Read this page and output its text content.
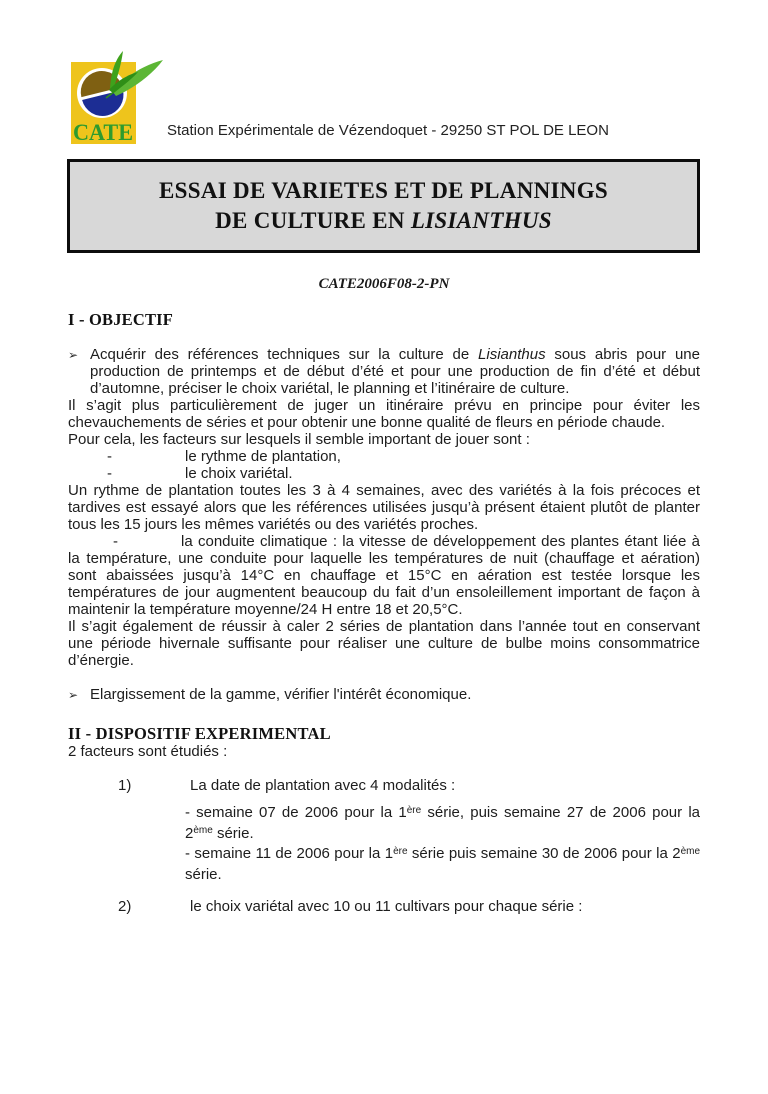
CATE Station Expérimentale de Vézendoquet - 29250 ST POL DE LEON
ESSAI DE VARIETES ET DE PLANNINGS
DE CULTURE EN LISIANTHUS
CATE2006F08-2-PN
I - OBJECTIF
➢ Acquérir des références techniques sur la culture de Lisianthus sous abris pour une production de printemps et de début d’été et pour une production de fin d’été et début d’automne, préciser le choix variétal, le planning et l’itinéraire de culture.

Il s’agit plus particulièrement de juger un itinéraire prévu en principe pour éviter les chevauchements de séries et pour obtenir une bonne qualité de fleurs en période chaude.

Pour cela, les facteurs sur lesquels il semble important de jouer sont :

-	le rythme de plantation,
-	le choix variétal.

Un rythme de plantation toutes les 3 à 4 semaines, avec des variétés à la fois précoces et tardives est essayé alors que les références utilisées jusqu’à présent étaient plutôt de planter tous les 15 jours les mêmes variétés ou des variétés proches.

-	la conduite climatique : la vitesse de développement des plantes étant liée à la température, une conduite pour laquelle les températures de nuit (chauffage et aération) sont abaissées jusqu’à 14°C en chauffage et 15°C en aération est testée lorsque les températures de jour augmentent beaucoup du fait d’un ensoleillement important de façon à maintenir la température moyenne/24 H entre 18 et 20,5°C.

Il s’agit également de réussir à caler 2 séries de plantation dans l’année tout en conservant une période hivernale suffisante pour réaliser une culture de bulbe moins consommatrice d’énergie.

➢ Elargissement de la gamme, vérifier l'intérêt économique.
II - DISPOSITIF EXPERIMENTAL

2 facteurs sont étudiés :

1)	La date de plantation avec 4 modalités :
- semaine 07 de 2006 pour la 1ère série, puis semaine 27 de 2006 pour la 2ème série.
- semaine 11 de 2006 pour la 1ère série puis semaine 30 de 2006 pour la 2ème série.
2)	le choix variétal avec 10 ou 11 cultivars pour chaque série :
